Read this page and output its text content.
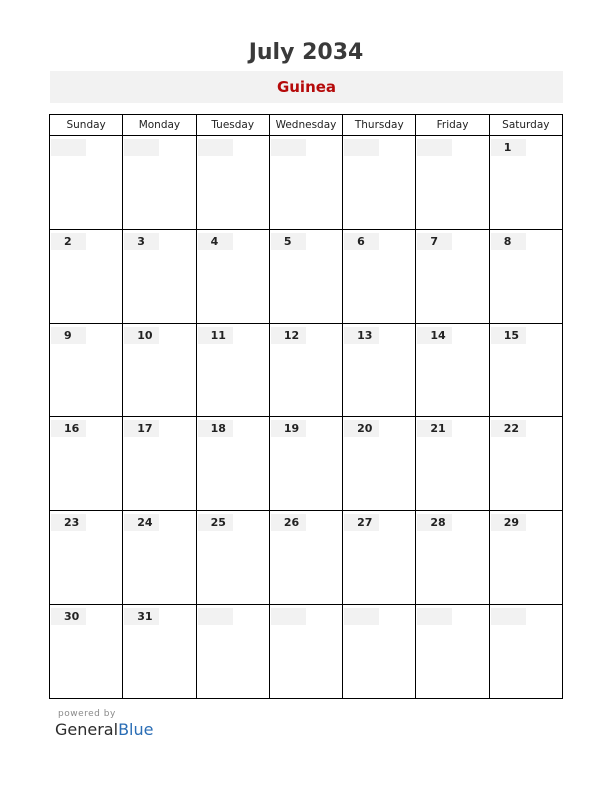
July 2034
Guinea
Sunday	Monday	Tuesday	Wednesday	Thursday	Friday	Saturday

						1

2	3	4	5	6	7	8

9	10	11	12	13	14	15

16	17	18	19	20	21	22

23	24	25	26	27	28	29

30	31					

powered by
GeneralBlue
